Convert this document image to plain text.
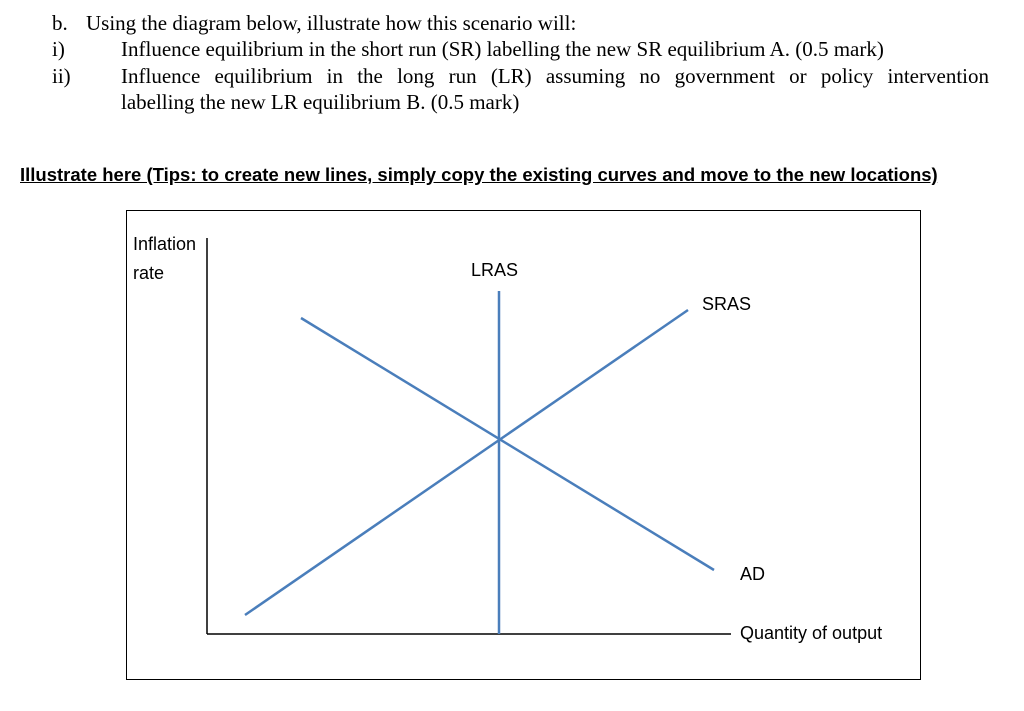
b. Using the diagram below, illustrate how this scenario will:
i)	Influence equilibrium in the short run (SR) labelling the new SR equilibrium A. (0.5 mark)
ii) Influence equilibrium in the long run (LR) assuming no government or policy intervention
labelling the new LR equilibrium B. (0.5 mark)
Illustrate here (Tips: to create new lines, simply copy the existing curves and move to the new locations)
Inflation
rate	LRAS
SRAS
AD
Quantity of output
